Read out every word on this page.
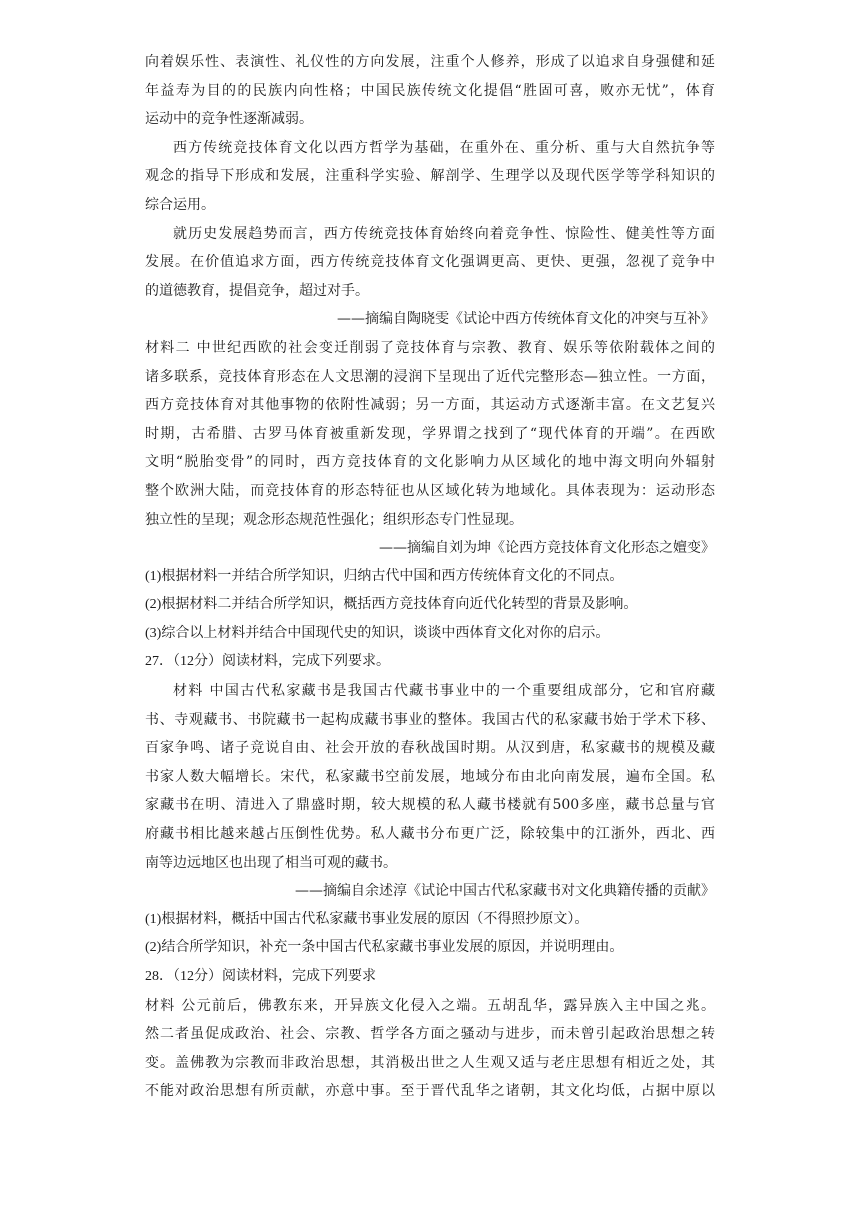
向着娱乐性、表演性、礼仪性的方向发展，注重个人修养，形成了以追求自身强健和延
年益寿为目的的民族内向性格；中国民族传统文化提倡“胜固可喜，败亦无忧”，体育
运动中的竞争性逐渐减弱。
西方传统竞技体育文化以西方哲学为基础，在重外在、重分析、重与大自然抗争等
观念的指导下形成和发展，注重科学实验、解剖学、生理学以及现代医学等学科知识的
综合运用。
就历史发展趋势而言，西方传统竞技体育始终向着竞争性、惊险性、健美性等方面
发展。在价值追求方面，西方传统竞技体育文化强调更高、更快、更强，忽视了竞争中
的道德教育，提倡竞争，超过对手。
——摘编自陶晓雯《试论中西方传统体育文化的冲突与互补》
材料二 中世纪西欧的社会变迁削弱了竞技体育与宗教、教育、娱乐等依附载体之间的
诸多联系，竞技体育形态在人文思潮的浸润下呈现出了近代完整形态—独立性。一方面，
西方竞技体育对其他事物的依附性减弱；另一方面，其运动方式逐渐丰富。在文艺复兴
时期，古希腊、古罗马体育被重新发现，学界谓之找到了“现代体育的开端”。在西欧
文明“脱胎变骨”的同时，西方竞技体育的文化影响力从区域化的地中海文明向外辐射
整个欧洲大陆，而竞技体育的形态特征也从区域化转为地域化。具体表现为：运动形态
独立性的呈现；观念形态规范性强化；组织形态专门性显现。
——摘编自刘为坤《论西方竞技体育文化形态之嬗变》
(1)根据材料一并结合所学知识，归纳古代中国和西方传统体育文化的不同点。
(2)根据材料二并结合所学知识，概括西方竞技体育向近代化转型的背景及影响。
(3)综合以上材料并结合中国现代史的知识，谈谈中西体育文化对你的启示。
27．（12分）阅读材料，完成下列要求。
材料 中国古代私家藏书是我国古代藏书事业中的一个重要组成部分，它和官府藏
书、寺观藏书、书院藏书一起构成藏书事业的整体。我国古代的私家藏书始于学术下移、
百家争鸣、诸子竞说自由、社会开放的春秋战国时期。从汉到唐，私家藏书的规模及藏
书家人数大幅增长。宋代，私家藏书空前发展，地域分布由北向南发展，遍布全国。私
家藏书在明、清进入了鼎盛时期，较大规模的私人藏书楼就有500多座，藏书总量与官
府藏书相比越来越占压倒性优势。私人藏书分布更广泛，除较集中的江浙外，西北、西
南等边远地区也出现了相当可观的藏书。
——摘编自余述淳《试论中国古代私家藏书对文化典籍传播的贡献》
(1)根据材料，概括中国古代私家藏书事业发展的原因（不得照抄原文）。
(2)结合所学知识，补充一条中国古代私家藏书事业发展的原因，并说明理由。
28．（12分）阅读材料，完成下列要求
材料 公元前后，佛教东来，开异族文化侵入之端。五胡乱华，露异族入主中国之兆。
然二者虽促成政治、社会、宗教、哲学各方面之骚动与进步，而未曾引起政治思想之转
变。盖佛教为宗教而非政治思想，其消极出世之人生观又适与老庄思想有相近之处，其
不能对政治思想有所贡献，亦意中事。至于晋代乱华之诸朝，其文化均低，占据中原以
